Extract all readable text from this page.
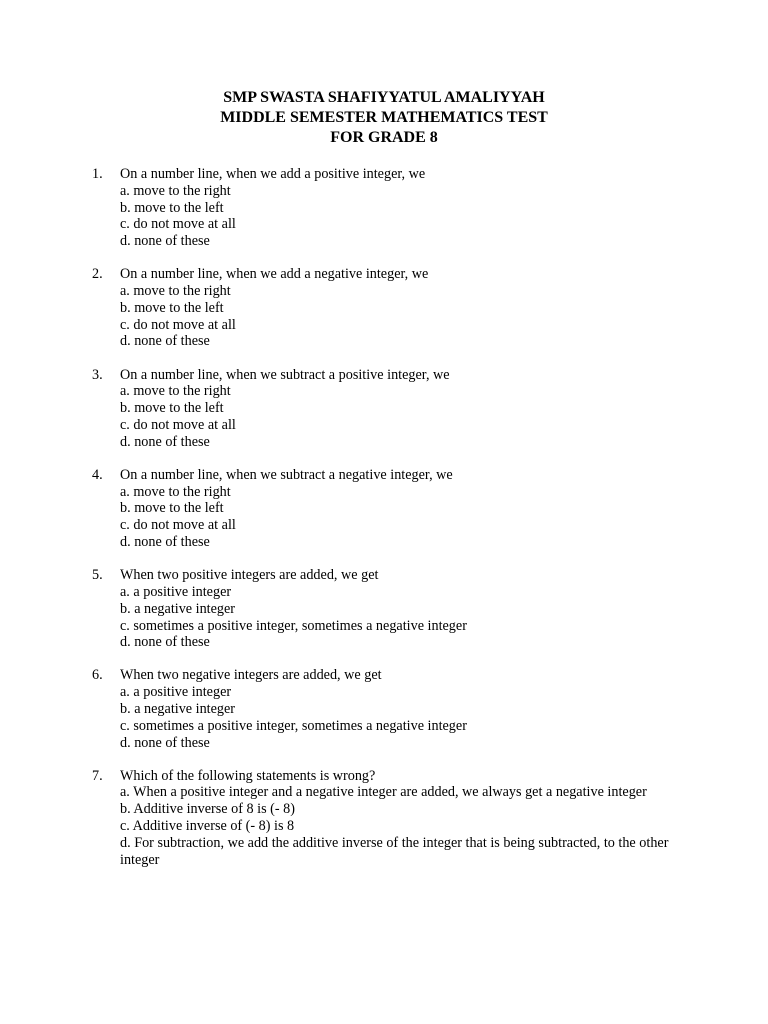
SMP SWASTA SHAFIYYATUL AMALIYYAH
MIDDLE SEMESTER MATHEMATICS TEST
FOR GRADE 8
1. On a number line, when we add a positive integer, we
a. move to the right
b. move to the left
c. do not move at all
d. none of these
2. On a number line, when we add a negative integer, we
a. move to the right
b. move to the left
c. do not move at all
d. none of these
3. On a number line, when we subtract a positive integer, we
a. move to the right
b. move to the left
c. do not move at all
d. none of these
4. On a number line, when we subtract a negative integer, we
a. move to the right
b. move to the left
c. do not move at all
d. none of these
5. When two positive integers are added, we get
a. a positive integer
b. a negative integer
c. sometimes a positive integer, sometimes a negative integer
d. none of these
6. When two negative integers are added, we get
a. a positive integer
b. a negative integer
c. sometimes a positive integer, sometimes a negative integer
d. none of these
7. Which of the following statements is wrong?
a. When a positive integer and a negative integer are added, we always get a negative integer
b. Additive inverse of 8 is (- 8)
c. Additive inverse of (- 8) is 8
d. For subtraction, we add the additive inverse of the integer that is being subtracted, to the other integer
